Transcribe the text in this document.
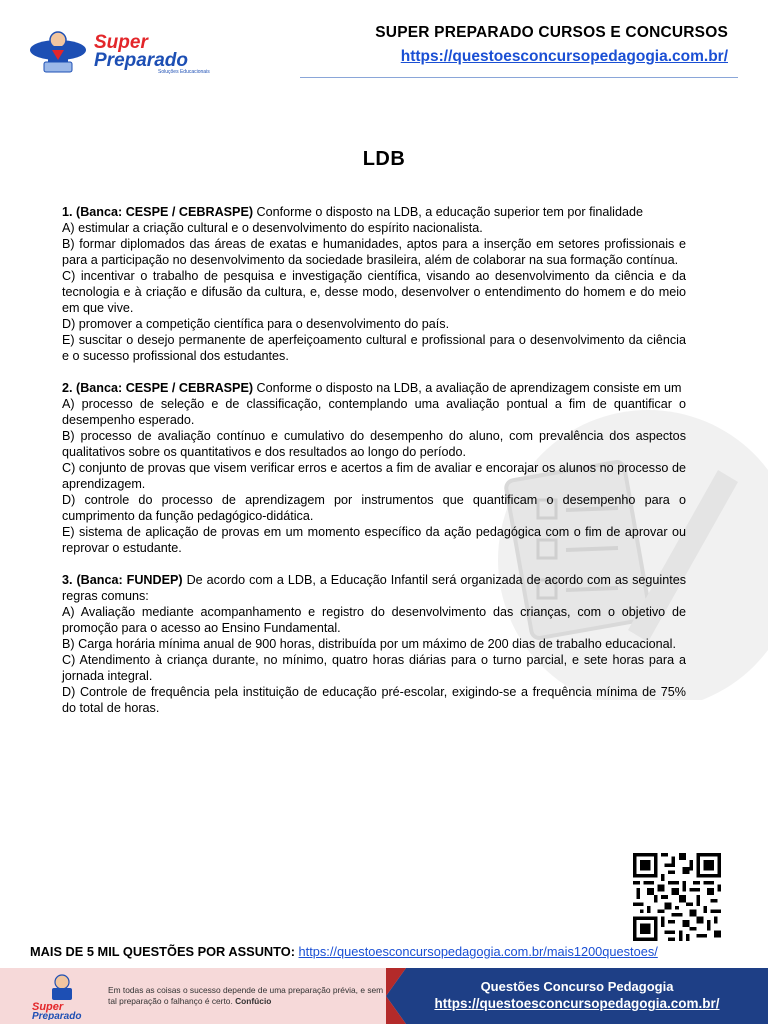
Super
Preparado
Soluções Educacionais
SUPER PREPARADO CURSOS E CONCURSOS
https://questoesconcursopedagogia.com.br/
LDB

1. (Banca: CESPE / CEBRASPE) Conforme o disposto na LDB, a educação superior tem por finalidade

A) estimular a criação cultural e o desenvolvimento do espírito nacionalista.

B) formar diplomados das áreas de exatas e humanidades, aptos para a inserção em setores profissionais e para a participação no desenvolvimento da sociedade brasileira, além de colaborar na sua formação contínua.

C) incentivar o trabalho de pesquisa e investigação científica, visando ao desenvolvimento da ciência e da tecnologia e à criação e difusão da cultura, e, desse modo, desenvolver o entendimento do homem e do meio em que vive.

D) promover a competição científica para o desenvolvimento do país.

E) suscitar o desejo permanente de aperfeiçoamento cultural e profissional para o desenvolvimento da ciência e o sucesso profissional dos estudantes.

2. (Banca: CESPE / CEBRASPE) Conforme o disposto na LDB, a avaliação de aprendizagem consiste em um

A) processo de seleção e de classificação, contemplando uma avaliação pontual a fim de quantificar o desempenho esperado.

B) processo de avaliação contínuo e cumulativo do desempenho do aluno, com prevalência dos aspectos qualitativos sobre os quantitativos e dos resultados ao longo do período.

C) conjunto de provas que visem verificar erros e acertos a fim de avaliar e encorajar os alunos no processo de aprendizagem.

D) controle do processo de aprendizagem por instrumentos que quantificam o desempenho para o cumprimento da função pedagógico-didática.

E) sistema de aplicação de provas em um momento específico da ação pedagógica com o fim de aprovar ou reprovar o estudante.

3. (Banca: FUNDEP) De acordo com a LDB, a Educação Infantil será organizada de acordo com as seguintes regras comuns:

A) Avaliação mediante acompanhamento e registro do desenvolvimento das crianças, com o objetivo de promoção para o acesso ao Ensino Fundamental.

B) Carga horária mínima anual de 900 horas, distribuída por um máximo de 200 dias de trabalho educacional.

C) Atendimento à criança durante, no mínimo, quatro horas diárias para o turno parcial, e sete horas para a jornada integral.

D) Controle de frequência pela instituição de educação pré-escolar, exigindo-se a frequência mínima de 75% do total de horas.

MAIS DE 5 MIL QUESTÕES POR ASSUNTO: https://questoesconcursopedagogia.com.br/mais1200questoes/
Super
Preparado
Em todas as coisas o sucesso depende de uma preparação prévia, e sem tal preparação o falhanço é certo. Confúcio
Questões Concurso Pedagogia
https://questoesconcursopedagogia.com.br/
